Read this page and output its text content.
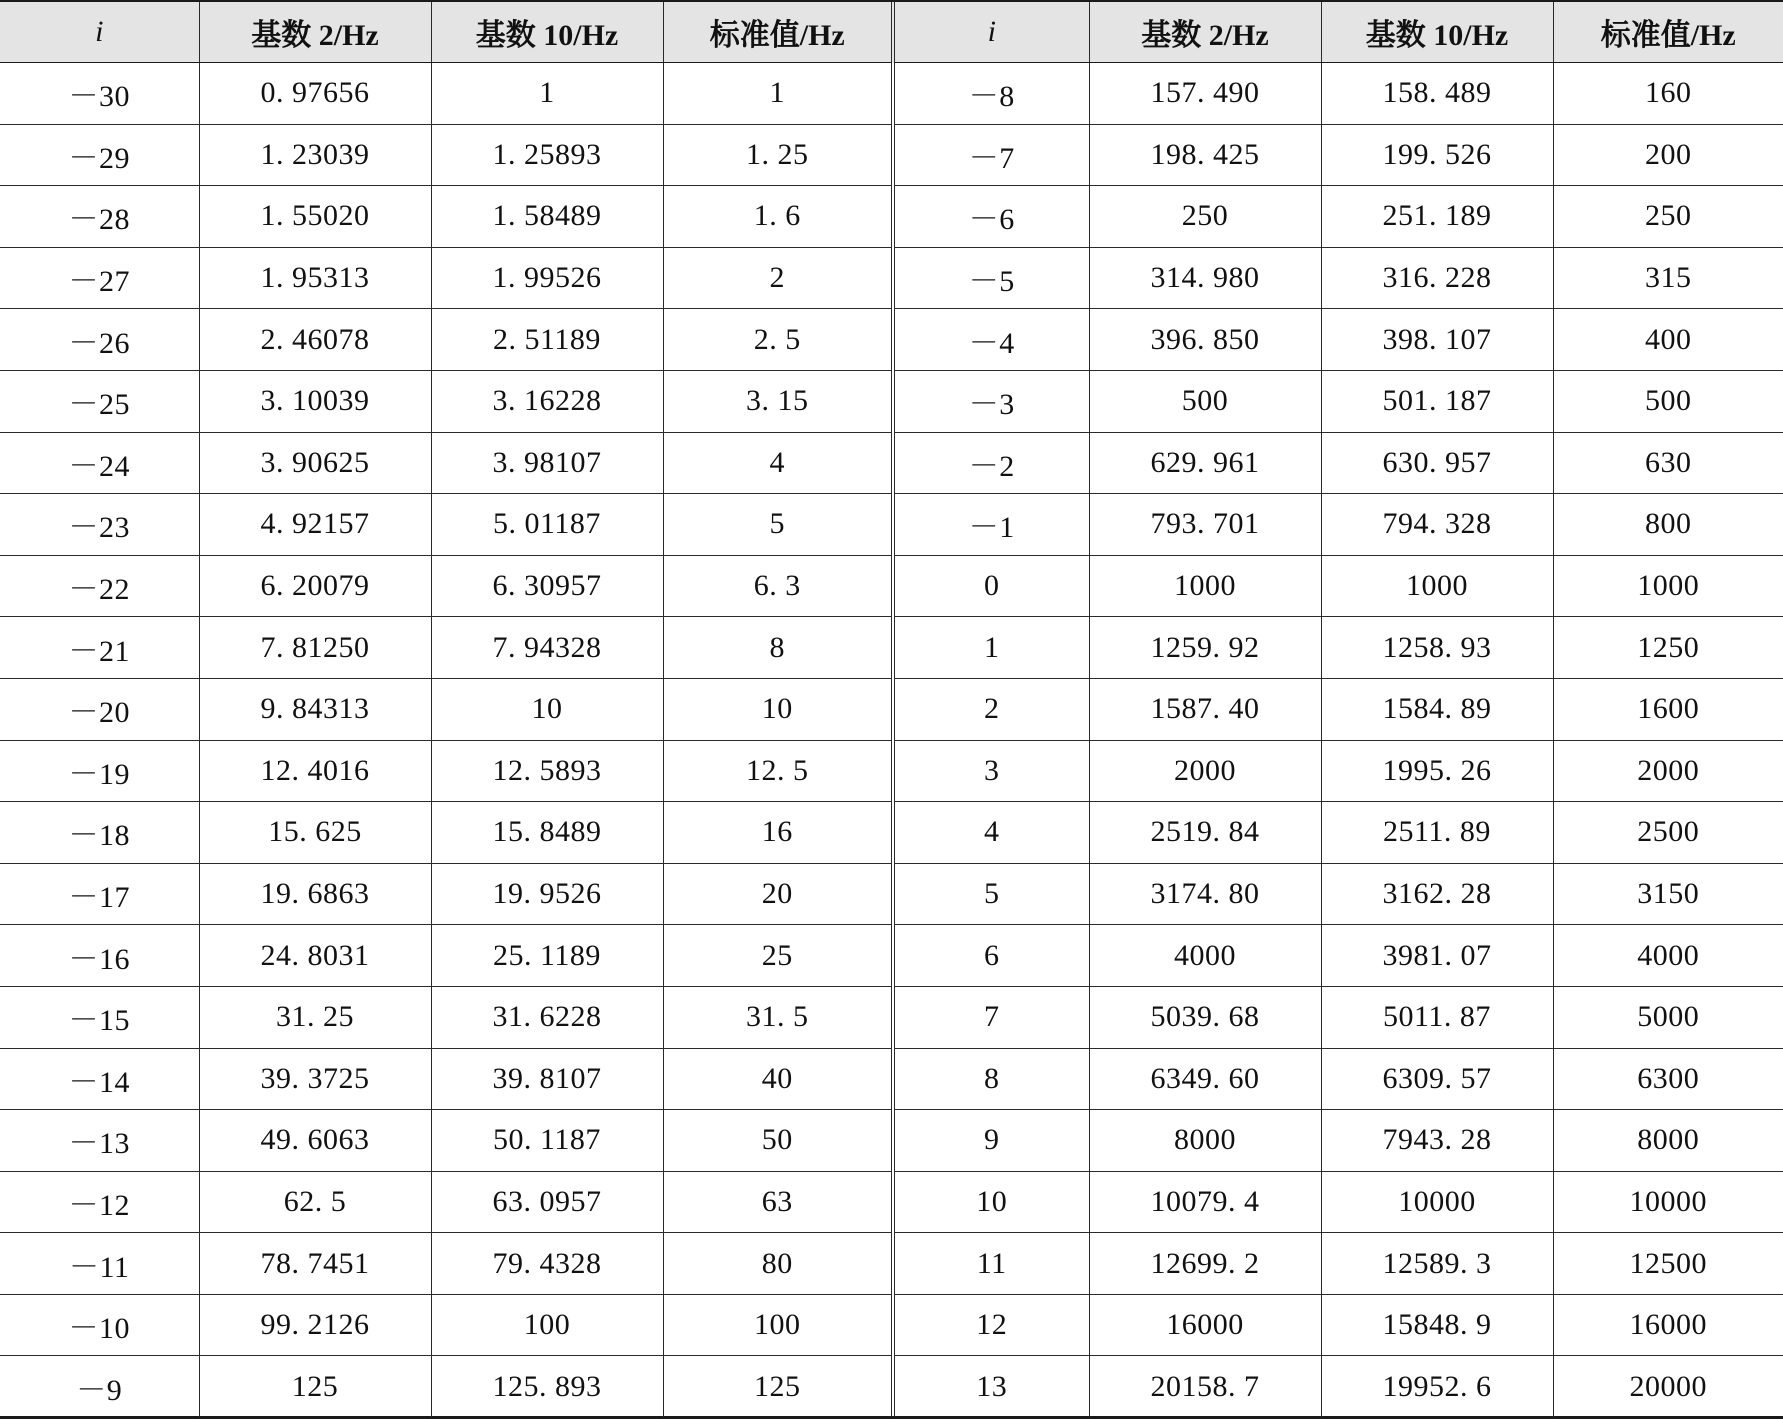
i	基数 2/Hz	基数 10/Hz	标准值/Hz	i	基数 2/Hz	基数 10/Hz	标准值/Hz
－30	0. 97656	1	1	－8	157. 490	158. 489	160
－29	1. 23039	1. 25893	1. 25	－7	198. 425	199. 526	200
－28	1. 55020	1. 58489	1. 6	－6	250	251. 189	250
－27	1. 95313	1. 99526	2	－5	314. 980	316. 228	315
－26	2. 46078	2. 51189	2. 5	－4	396. 850	398. 107	400
－25	3. 10039	3. 16228	3. 15	－3	500	501. 187	500
－24	3. 90625	3. 98107	4	－2	629. 961	630. 957	630
－23	4. 92157	5. 01187	5	－1	793. 701	794. 328	800
－22	6. 20079	6. 30957	6. 3	0	1000	1000	1000
－21	7. 81250	7. 94328	8	1	1259. 92	1258. 93	1250
－20	9. 84313	10	10	2	1587. 40	1584. 89	1600
－19	12. 4016	12. 5893	12. 5	3	2000	1995. 26	2000
－18	15. 625	15. 8489	16	4	2519. 84	2511. 89	2500
－17	19. 6863	19. 9526	20	5	3174. 80	3162. 28	3150
－16	24. 8031	25. 1189	25	6	4000	3981. 07	4000
－15	31. 25	31. 6228	31. 5	7	5039. 68	5011. 87	5000
－14	39. 3725	39. 8107	40	8	6349. 60	6309. 57	6300
－13	49. 6063	50. 1187	50	9	8000	7943. 28	8000
－12	62. 5	63. 0957	63	10	10079. 4	10000	10000
－11	78. 7451	79. 4328	80	11	12699. 2	12589. 3	12500
－10	99. 2126	100	100	12	16000	15848. 9	16000
－9	125	125. 893	125	13	20158. 7	19952. 6	20000
